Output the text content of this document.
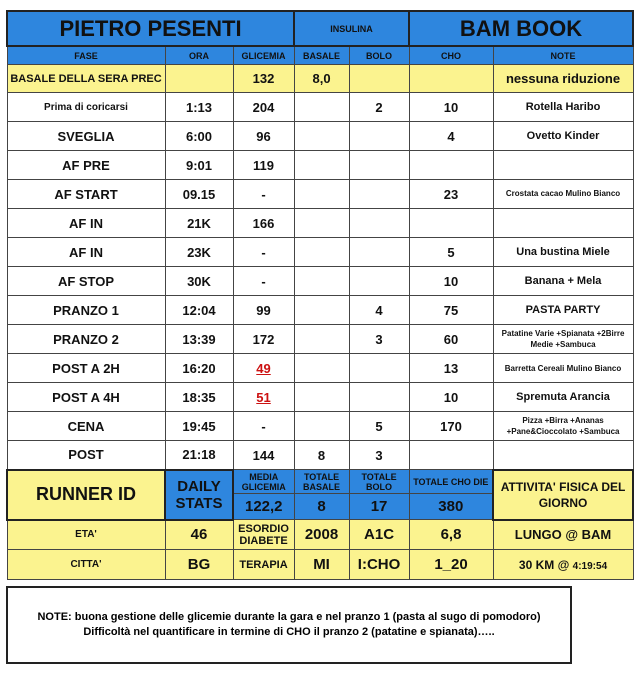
PIETRO PESENTI			INSULINA		BAM BOOK	
FASE	ORA	GLICEMIA	BASALE	BOLO	CHO	NOTE
BASALE DELLA SERA PREC		132	8,0			nessuna riduzione
Prima di coricarsi	1:13	204		2	10	Rotella Haribo
SVEGLIA	6:00	96			4	Ovetto Kinder
AF PRE	9:01	119				
AF START	09.15	-			23	Crostata cacao Mulino Bianco
AF IN	21K	166				
AF IN	23K	-			5	Una bustina Miele
AF STOP	30K	-			10	Banana + Mela
PRANZO 1	12:04	99		4	75	PASTA PARTY
PRANZO 2	13:39	172		3	60	Patatine Varie +Spianata +2Birre Medie +Sambuca
POST A 2H	16:20	49			13	Barretta Cereali Mulino Bianco
POST A 4H	18:35	51			10	Spremuta Arancia
CENA	19:45	-		5	170	Pizza +Birra +Ananas +Pane&Cioccolato +Sambuca
POST	21:18	144	8	3		
RUNNER ID	DAILY STATS	MEDIA GLICEMIA	TOTALE BASALE	TOTALE BOLO	TOTALE CHO DIE	ATTIVITA' FISICA DEL GIORNO
		122,2	8	17	380	
ETA'	46	ESORDIO DIABETE	2008	A1C	6,8	LUNGO @ BAM
CITTA'	BG	TERAPIA	MI	I:CHO	1_20	30 KM @ 4:19:54
NOTE: buona gestione delle glicemie durante la gara e nel pranzo 1 (pasta al sugo di pomodoro)
Difficoltà nel quantificare in termine di CHO il pranzo 2 (patatine e spianata)…..
